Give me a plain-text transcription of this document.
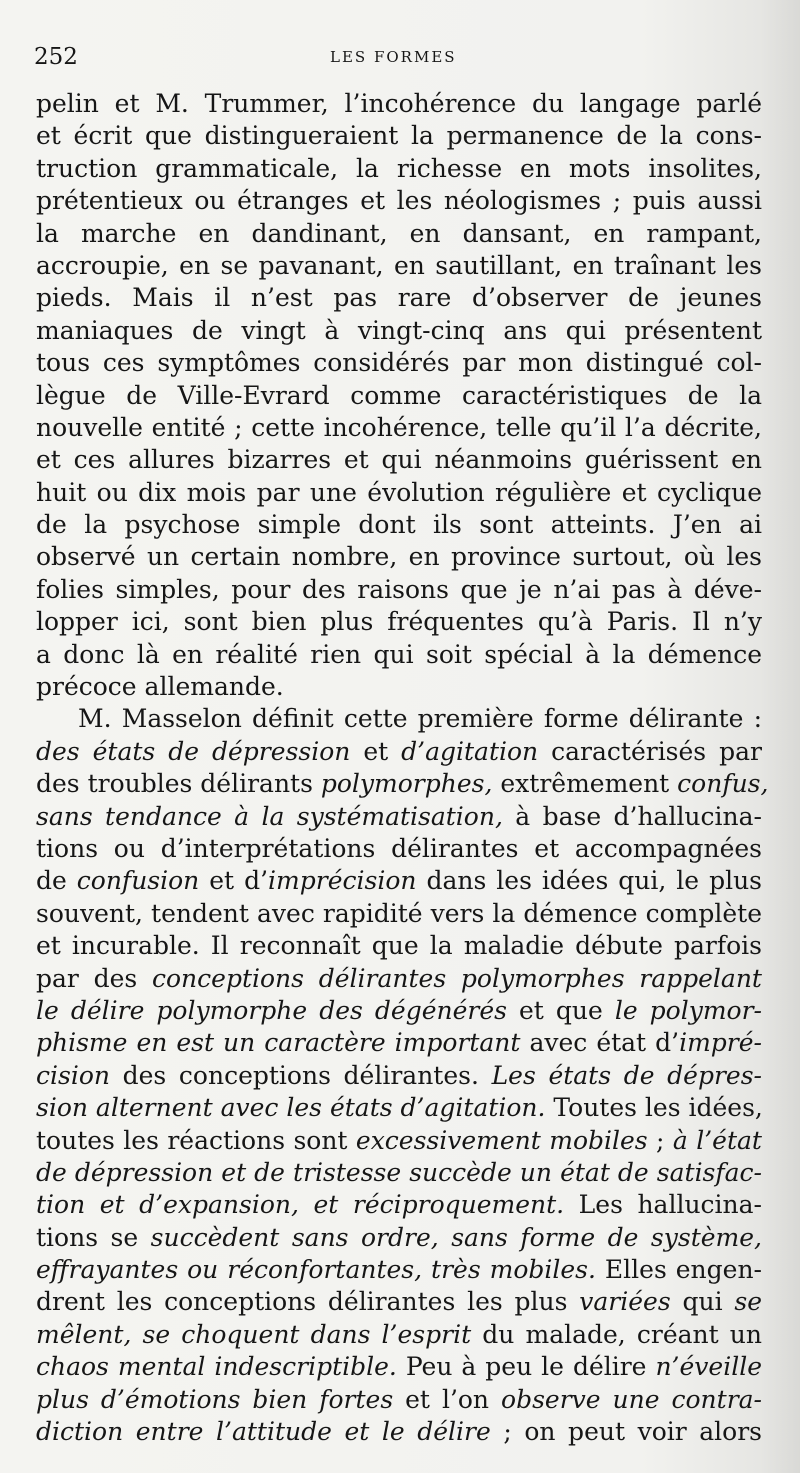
252	LES FORMES
pelin et M. Trummer, l’incohérence du langage parlé
et écrit que distingueraient la permanence de la cons-
truction grammaticale, la richesse en mots insolites,
prétentieux ou étranges et les néologismes ; puis aussi
la marche en dandinant, en dansant, en rampant,
accroupie, en se pavanant, en sautillant, en traînant les
pieds. Mais il n’est pas rare d’observer de jeunes
maniaques de vingt à vingt-cinq ans qui présentent
tous ces symptômes considérés par mon distingué col-
lègue de Ville-Evrard comme caractéristiques de la
nouvelle entité ; cette incohérence, telle qu’il l’a décrite,
et ces allures bizarres et qui néanmoins guérissent en
huit ou dix mois par une évolution régulière et cyclique
de la psychose simple dont ils sont atteints. J’en ai
observé un certain nombre, en province surtout, où les
folies simples, pour des raisons que je n’ai pas à déve-
lopper ici, sont bien plus fréquentes qu’à Paris. Il n’y
a donc là en réalité rien qui soit spécial à la démence
précoce allemande.
M. Masselon définit cette première forme délirante :
des états de dépression et d’agitation caractérisés par
des troubles délirants polymorphes, extrêmement confus,
sans tendance à la systématisation, à base d’hallucina-
tions ou d’interprétations délirantes et accompagnées
de confusion et d’imprécision dans les idées qui, le plus
souvent, tendent avec rapidité vers la démence complète
et incurable. Il reconnaît que la maladie débute parfois
par des conceptions délirantes polymorphes rappelant
le délire polymorphe des dégénérés et que le polymor-
phisme en est un caractère important avec état d’impré-
cision des conceptions délirantes. Les états de dépres-
sion alternent avec les états d’agitation. Toutes les idées,
toutes les réactions sont excessivement mobiles ; à l’état
de dépression et de tristesse succède un état de satisfac-
tion et d’expansion, et réciproquement. Les hallucina-
tions se succèdent sans ordre, sans forme de système,
effrayantes ou réconfortantes, très mobiles. Elles engen-
drent les conceptions délirantes les plus variées qui se
mêlent, se choquent dans l’esprit du malade, créant un
chaos mental indescriptible. Peu à peu le délire n’éveille
plus d’émotions bien fortes et l’on observe une contra-
diction entre l’attitude et le délire ; on peut voir alors
